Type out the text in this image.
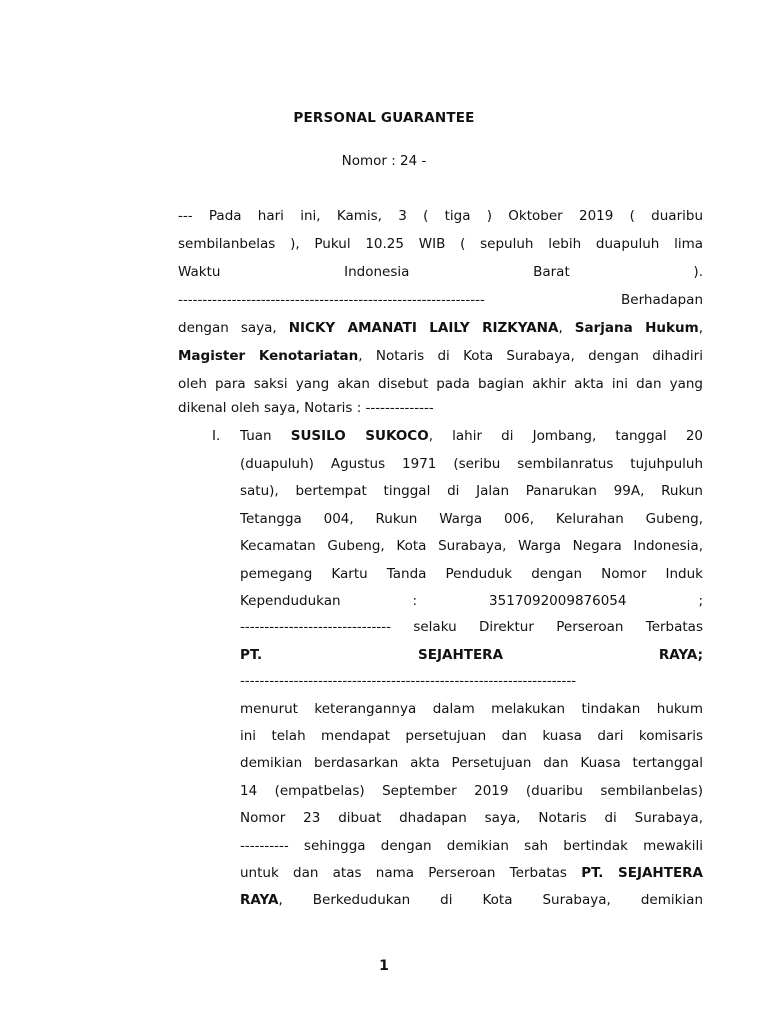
PERSONAL GUARANTEE
Nomor : 24 -
--- Pada hari ini, Kamis, 3 ( tiga ) Oktober 2019 ( duaribu
sembilanbelas ), Pukul 10.25 WIB ( sepuluh lebih duapuluh lima
Waktu Indonesia Barat ).
---------------------------------------------------------------	Berhadapan
dengan saya, NICKY AMANATI LAILY RIZKYANA, Sarjana Hukum,
Magister Kenotariatan, Notaris di Kota Surabaya, dengan dihadiri
oleh para saksi yang akan disebut pada bagian akhir akta ini dan yang
dikenal oleh saya, Notaris : --------------
I. Tuan SUSILO SUKOCO, lahir di Jombang, tanggal 20
(duapuluh) Agustus 1971 (seribu sembilanratus tujuhpuluh
satu), bertempat tinggal di Jalan Panarukan 99A, Rukun
Tetangga 004, Rukun Warga 006, Kelurahan Gubeng,
Kecamatan Gubeng, Kota Surabaya, Warga Negara Indonesia,
pemegang Kartu Tanda Penduduk dengan Nomor Induk
Kependudukan : 3517092009876054 ;
------------------------------- selaku Direktur Perseroan Terbatas
PT. SEJAHTERA RAYA;
---------------------------------------------------------------------
menurut keterangannya dalam melakukan tindakan hukum
ini telah mendapat persetujuan dan kuasa dari komisaris
demikian berdasarkan akta Persetujuan dan Kuasa tertanggal
14 (empatbelas) September 2019 (duaribu sembilanbelas)
Nomor 23 dibuat dhadapan saya, Notaris di Surabaya,
---------- sehingga dengan demikian sah bertindak mewakili
untuk dan atas nama Perseroan Terbatas PT. SEJAHTERA
RAYA, Berkedudukan di Kota Surabaya, demikian
1
